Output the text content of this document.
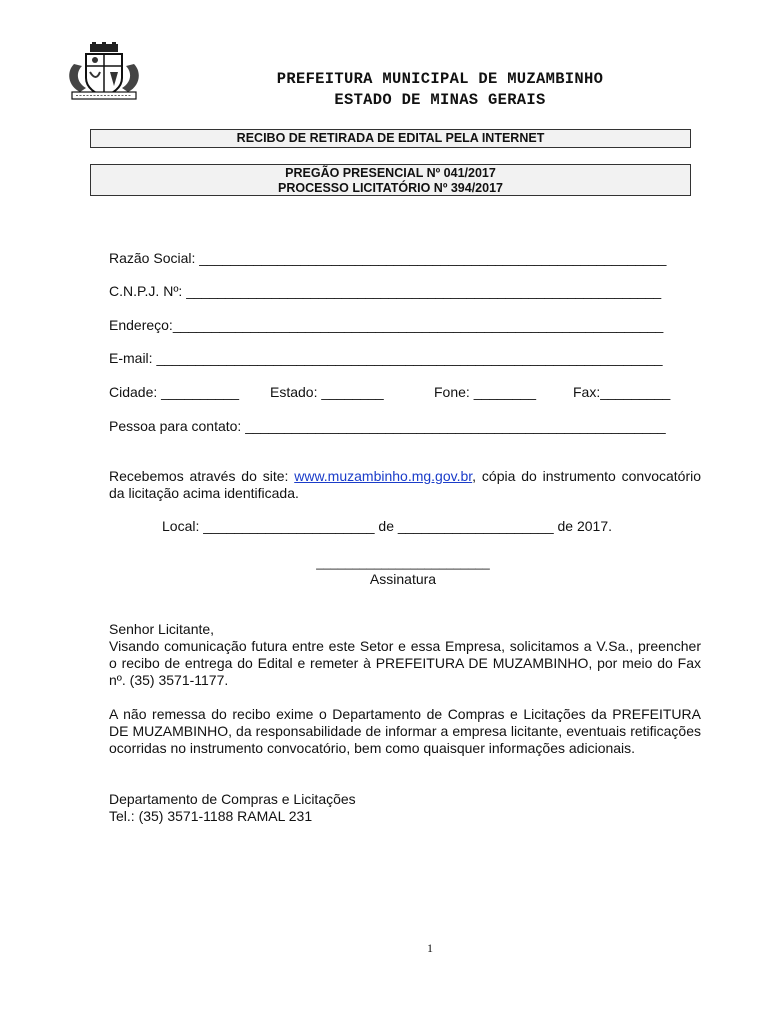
PREFEITURA MUNICIPAL DE MUZAMBINHO
ESTADO DE MINAS GERAIS
RECIBO DE RETIRADA DE EDITAL PELA INTERNET
PREGÃO PRESENCIAL Nº 041/2017
PROCESSO LICITATÓRIO Nº 394/2017
Razão Social: ____________________________________________________________
C.N.P.J. Nº: _____________________________________________________________
Endereço:_______________________________________________________________
E-mail: _________________________________________________________________
Cidade: __________ Estado: ________	Fone: ________	Fax:_________
Pessoa para contato: ______________________________________________________
Recebemos através do site: www.muzambinho.mg.gov.br, cópia do instrumento convocatório da licitação acima identificada.
Local: ______________________ de ____________________ de 2017.
________________________
Assinatura
Senhor Licitante,
Visando comunicação futura entre este Setor e essa Empresa, solicitamos a V.Sa., preencher o recibo de entrega do Edital e remeter à PREFEITURA DE MUZAMBINHO, por meio do Fax nº. (35) 3571-1177.
A não remessa do recibo exime o Departamento de Compras e Licitações da PREFEITURA DE MUZAMBINHO, da responsabilidade de informar a empresa licitante, eventuais retificações ocorridas no instrumento convocatório, bem como quaisquer informações adicionais.
Departamento de Compras e Licitações
Tel.: (35) 3571-1188 RAMAL 231
1
